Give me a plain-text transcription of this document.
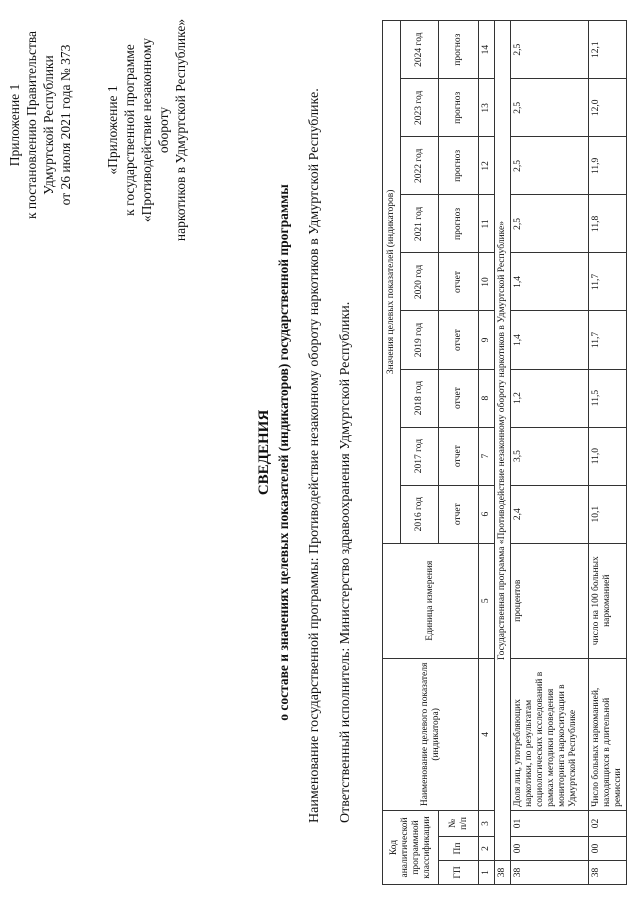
Приложение 1 к постановлению Правительства Удмуртской Республики от 26 июля 2021 года № 373 «Приложение 1 к государственной программе «Противодействие незаконному обороту наркотиков в Удмуртской Республике»
СВЕДЕНИЯ о составе и значениях целевых показателей (индикаторов) государственной программы Наименование государственной программы: Противодействие незаконному обороту наркотиков в Удмуртской Республике. Ответственный исполнитель: Министерство здравоохранения Удмуртской Республики.
Код аналитической программной классификации			Наименование целевого показателя (индикатора)	Единица измерения	Значения целевых показателей (индикаторов)								
					2016 год	2017 год	2018 год	2019 год	2020 год	2021 год	2022 год	2023 год	2024 год
ГП	Пп	№ п/п			отчет	отчет	отчет	отчет	отчет	прогноз	прогноз	прогноз	прогноз
1	2	3	4	5	6	7	8	9	10	11	12	13	14
38	Государственная программа «Противодействие незаконному обороту наркотиков в Удмуртской Республике»												
38	00	01	Доля лиц, употребляющих наркотики, по результатам социологических исследований в рамках методики проведения мониторинга наркоситуации в Удмуртской Республике	процентов	2,4	3,5	1,2	1,4	1,4	2,5	2,5	2,5	2,5
38	00	02	Число больных наркоманией, находящихся в длительной ремиссии	число на 100 больных наркоманией	10,1	11,0	11,5	11,7	11,7	11,8	11,9	12,0	12,1
